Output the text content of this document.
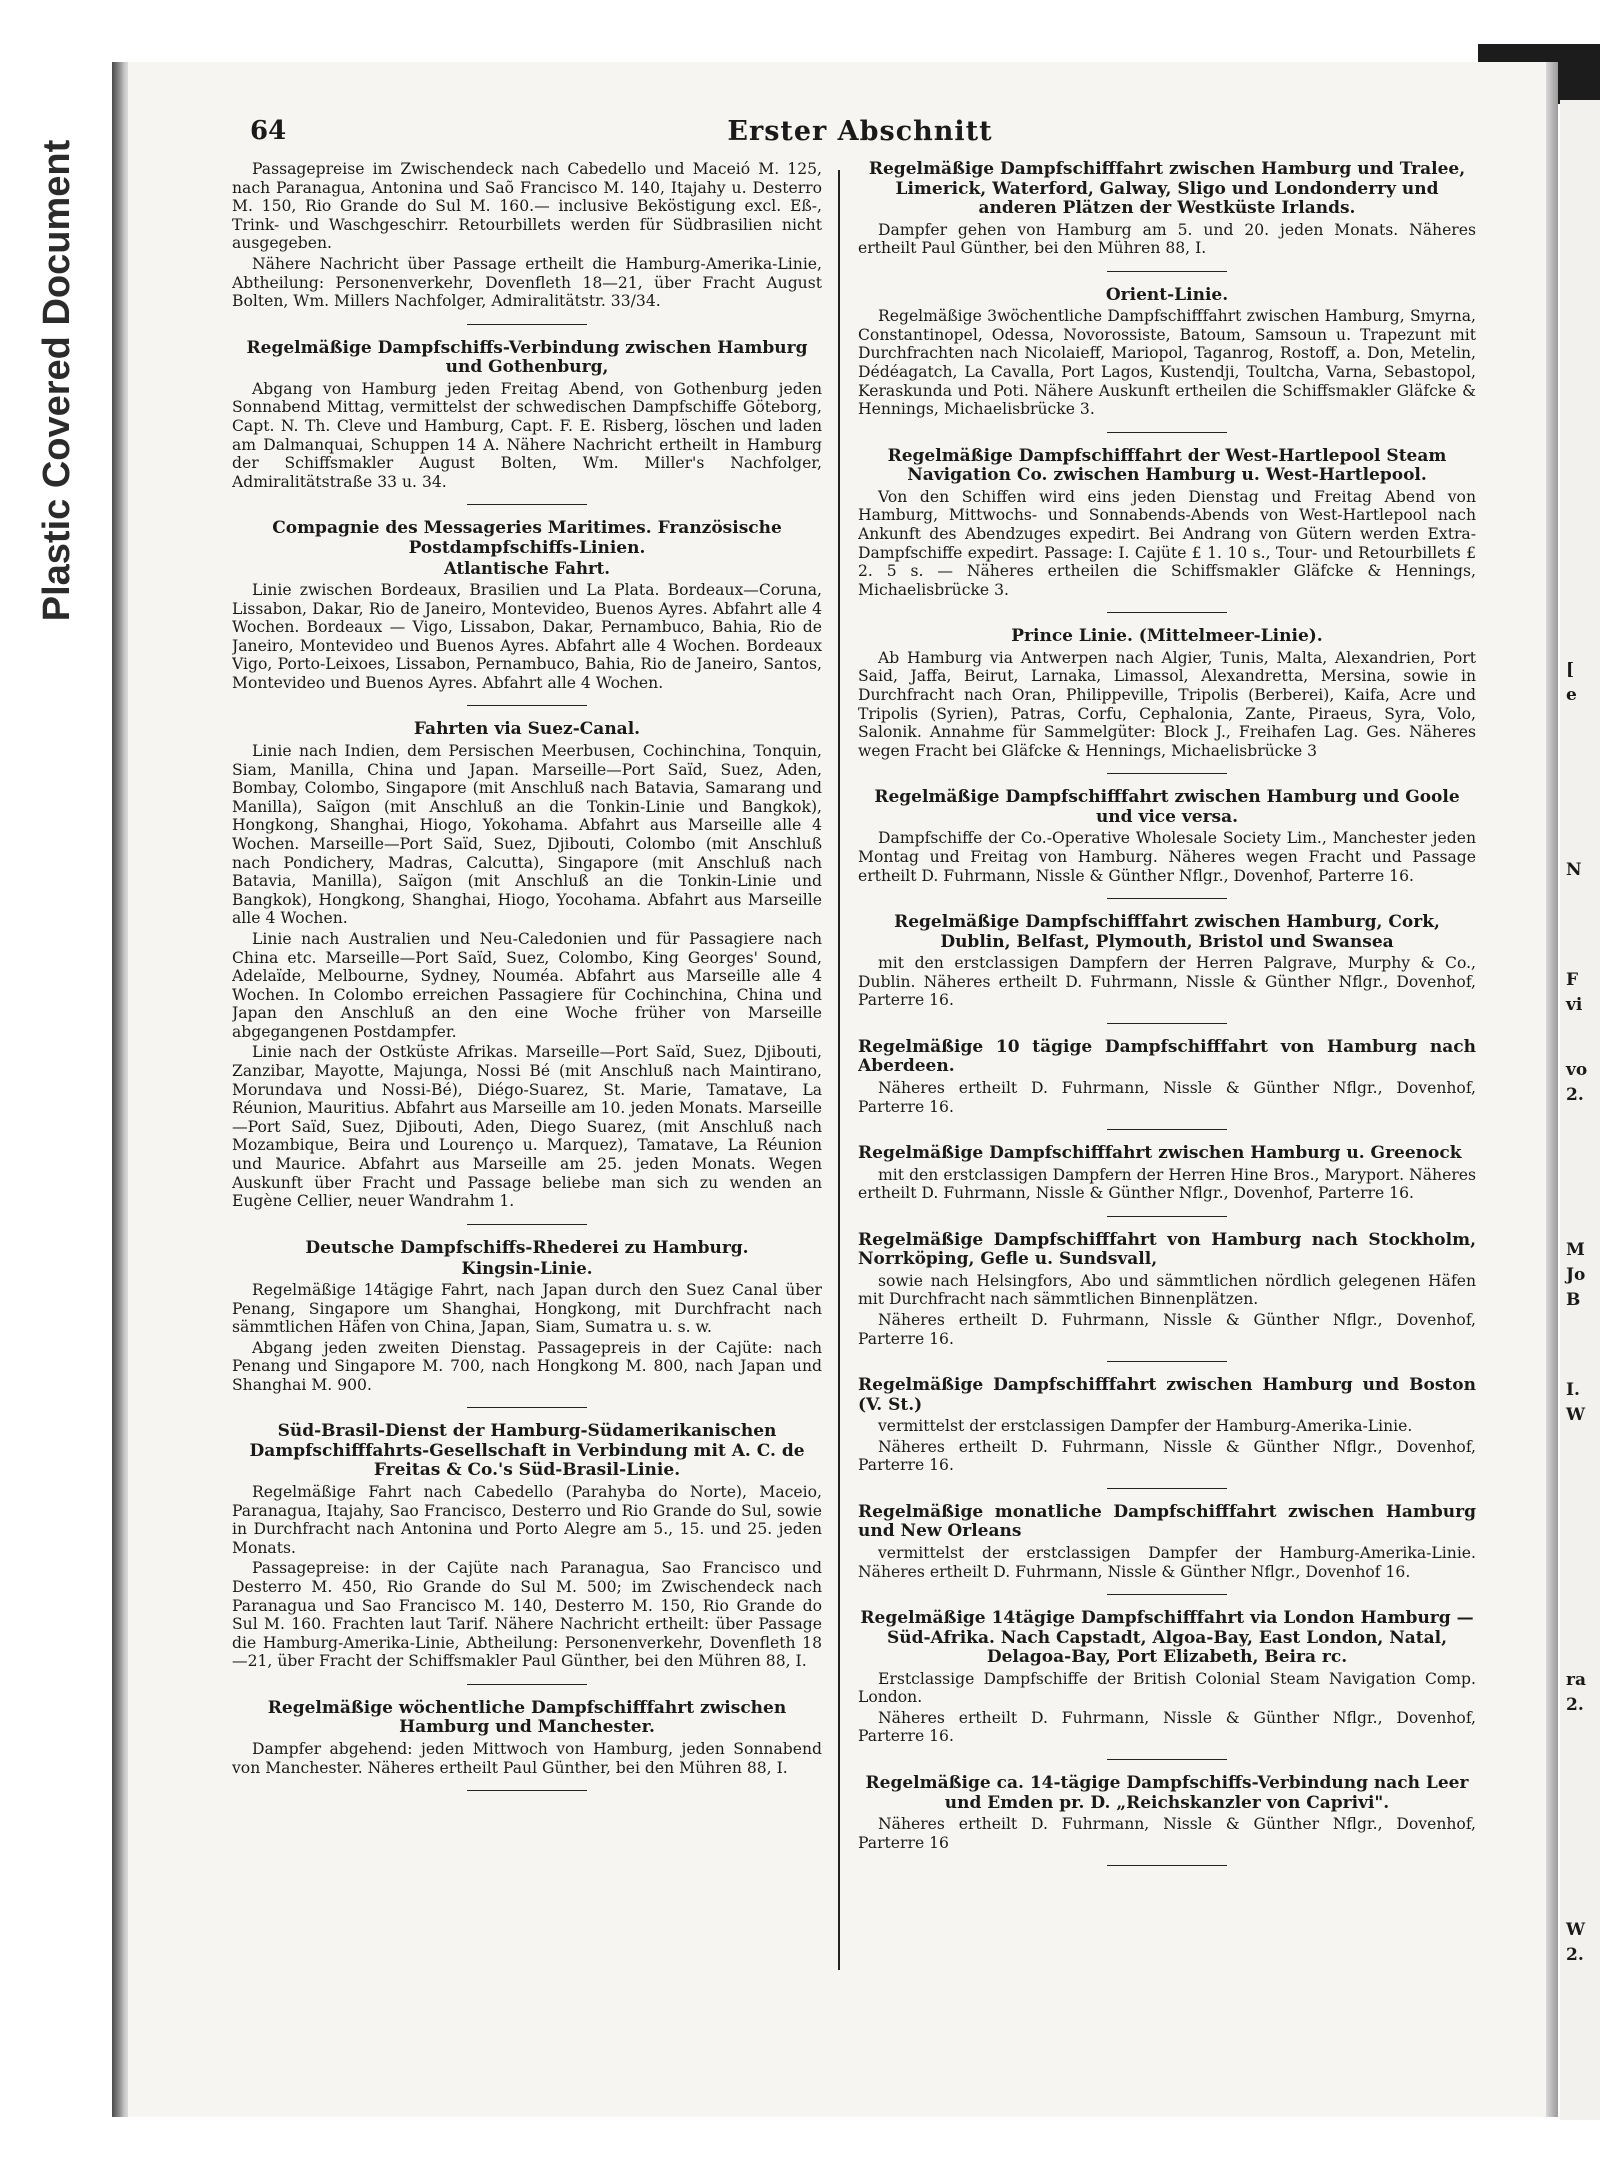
Plastic Covered Document
[
e
N
F
vi
vo
2.
M
Jo
B
I.
W
ra
2.
W
2.
64	Erster Abschnitt
Passagepreise im Zwischendeck nach Cabedello und Maceió M. 125, nach Paranagua, Antonina und Saõ Francisco M. 140, Itajahy u. Desterro M. 150, Rio Grande do Sul M. 160.— inclusive Beköstigung excl. Eß-, Trink- und Waschgeschirr. Retourbillets werden für Südbrasilien nicht ausgegeben.
Nähere Nachricht über Passage ertheilt die Hamburg-Amerika-Linie, Abtheilung: Personenverkehr, Dovenfleth 18—21, über Fracht August Bolten, Wm. Millers Nachfolger, Admiralitätstr. 33/34.
Regelmäßige Dampfschiffs-Verbindung zwischen Hamburg und Gothenburg,
Abgang von Hamburg jeden Freitag Abend, von Gothenburg jeden Sonnabend Mittag, vermittelst der schwedischen Dampfschiffe Göteborg, Capt. N. Th. Cleve und Hamburg, Capt. F. E. Risberg, löschen und laden am Dalmanquai, Schuppen 14 A. Nähere Nachricht ertheilt in Hamburg der Schiffsmakler August Bolten, Wm. Miller's Nachfolger, Admiralitätstraße 33 u. 34.
Compagnie des Messageries Maritimes. Französische Postdampfschiffs-Linien.
Atlantische Fahrt.
Linie zwischen Bordeaux, Brasilien und La Plata. Bordeaux—Coruna, Lissabon, Dakar, Rio de Janeiro, Montevideo, Buenos Ayres. Abfahrt alle 4 Wochen. Bordeaux — Vigo, Lissabon, Dakar, Pernambuco, Bahia, Rio de Janeiro, Montevideo und Buenos Ayres. Abfahrt alle 4 Wochen. Bordeaux Vigo, Porto-Leixoes, Lissabon, Pernambuco, Bahia, Rio de Janeiro, Santos, Montevideo und Buenos Ayres. Abfahrt alle 4 Wochen.
Fahrten via Suez-Canal.
Linie nach Indien, dem Persischen Meerbusen, Cochinchina, Tonquin, Siam, Manilla, China und Japan. Marseille—Port Saïd, Suez, Aden, Bombay, Colombo, Singapore (mit Anschluß nach Batavia, Samarang und Manilla), Saïgon (mit Anschluß an die Tonkin-Linie und Bangkok), Hongkong, Shanghai, Hiogo, Yokohama. Abfahrt aus Marseille alle 4 Wochen. Marseille—Port Saïd, Suez, Djibouti, Colombo (mit Anschluß nach Pondichery, Madras, Calcutta), Singapore (mit Anschluß nach Batavia, Manilla), Saïgon (mit Anschluß an die Tonkin-Linie und Bangkok), Hongkong, Shanghai, Hiogo, Yocohama. Abfahrt aus Marseille alle 4 Wochen.
Linie nach Australien und Neu-Caledonien und für Passagiere nach China etc. Marseille—Port Saïd, Suez, Colombo, King Georges' Sound, Adelaïde, Melbourne, Sydney, Nouméa. Abfahrt aus Marseille alle 4 Wochen. In Colombo erreichen Passagiere für Cochinchina, China und Japan den Anschluß an den eine Woche früher von Marseille abgegangenen Postdampfer.
Linie nach der Ostküste Afrikas. Marseille—Port Saïd, Suez, Djibouti, Zanzibar, Mayotte, Majunga, Nossi Bé (mit Anschluß nach Maintirano, Morundava und Nossi-Bé), Diégo-Suarez, St. Marie, Tamatave, La Réunion, Mauritius. Abfahrt aus Marseille am 10. jeden Monats. Marseille—Port Saïd, Suez, Djibouti, Aden, Diego Suarez, (mit Anschluß nach Mozambique, Beira und Lourenço u. Marquez), Tamatave, La Réunion und Maurice. Abfahrt aus Marseille am 25. jeden Monats. Wegen Auskunft über Fracht und Passage beliebe man sich zu wenden an Eugène Cellier, neuer Wandrahm 1.
Deutsche Dampfschiffs-Rhederei zu Hamburg.
Kingsin-Linie.
Regelmäßige 14tägige Fahrt, nach Japan durch den Suez Canal über Penang, Singapore um Shanghai, Hongkong, mit Durchfracht nach sämmtlichen Häfen von China, Japan, Siam, Sumatra u. s. w.
Abgang jeden zweiten Dienstag. Passagepreis in der Cajüte: nach Penang und Singapore M. 700, nach Hongkong M. 800, nach Japan und Shanghai M. 900.
Süd-Brasil-Dienst der Hamburg-Südamerikanischen Dampfschifffahrts-Gesellschaft in Verbindung mit A. C. de Freitas & Co.'s Süd-Brasil-Linie.
Regelmäßige Fahrt nach Cabedello (Parahyba do Norte), Maceio, Paranagua, Itajahy, Sao Francisco, Desterro und Rio Grande do Sul, sowie in Durchfracht nach Antonina und Porto Alegre am 5., 15. und 25. jeden Monats.
Passagepreise: in der Cajüte nach Paranagua, Sao Francisco und Desterro M. 450, Rio Grande do Sul M. 500; im Zwischendeck nach Paranagua und Sao Francisco M. 140, Desterro M. 150, Rio Grande do Sul M. 160. Frachten laut Tarif. Nähere Nachricht ertheilt: über Passage die Hamburg-Amerika-Linie, Abtheilung: Personenverkehr, Dovenfleth 18—21, über Fracht der Schiffsmakler Paul Günther, bei den Mühren 88, I.
Regelmäßige wöchentliche Dampfschifffahrt zwischen Hamburg und Manchester.
Dampfer abgehend: jeden Mittwoch von Hamburg, jeden Sonnabend von Manchester. Näheres ertheilt Paul Günther, bei den Mühren 88, I.
Regelmäßige Dampfschifffahrt zwischen Hamburg und Tralee, Limerick, Waterford, Galway, Sligo und Londonderry und anderen Plätzen der Westküste Irlands.
Dampfer gehen von Hamburg am 5. und 20. jeden Monats. Näheres ertheilt Paul Günther, bei den Mühren 88, I.
Orient-Linie.
Regelmäßige 3wöchentliche Dampfschifffahrt zwischen Hamburg, Smyrna, Constantinopel, Odessa, Novorossiste, Batoum, Samsoun u. Trapezunt mit Durchfrachten nach Nicolaieff, Mariopol, Taganrog, Rostoff, a. Don, Metelin, Dédéagatch, La Cavalla, Port Lagos, Kustendji, Toultcha, Varna, Sebastopol, Keraskunda und Poti. Nähere Auskunft ertheilen die Schiffsmakler Gläfcke & Hennings, Michaelisbrücke 3.
Regelmäßige Dampfschifffahrt der West-Hartlepool Steam Navigation Co. zwischen Hamburg u. West-Hartlepool.
Von den Schiffen wird eins jeden Dienstag und Freitag Abend von Hamburg, Mittwochs- und Sonnabends-Abends von West-Hartlepool nach Ankunft des Abendzuges expedirt. Bei Andrang von Gütern werden Extra-Dampfschiffe expedirt. Passage: I. Cajüte £ 1. 10 s., Tour- und Retourbillets £ 2. 5 s. — Näheres ertheilen die Schiffsmakler Gläfcke & Hennings, Michaelisbrücke 3.
Prince Linie. (Mittelmeer-Linie).
Ab Hamburg via Antwerpen nach Algier, Tunis, Malta, Alexandrien, Port Said, Jaffa, Beirut, Larnaka, Limassol, Alexandretta, Mersina, sowie in Durchfracht nach Oran, Philippeville, Tripolis (Berberei), Kaifa, Acre und Tripolis (Syrien), Patras, Corfu, Cephalonia, Zante, Piraeus, Syra, Volo, Salonik. Annahme für Sammelgüter: Block J., Freihafen Lag. Ges. Näheres wegen Fracht bei Gläfcke & Hennings, Michaelisbrücke 3
Regelmäßige Dampfschifffahrt zwischen Hamburg und Goole und vice versa.
Dampfschiffe der Co.-Operative Wholesale Society Lim., Manchester jeden Montag und Freitag von Hamburg. Näheres wegen Fracht und Passage ertheilt D. Fuhrmann, Nissle & Günther Nflgr., Dovenhof, Parterre 16.
Regelmäßige Dampfschifffahrt zwischen Hamburg, Cork, Dublin, Belfast, Plymouth, Bristol und Swansea
mit den erstclassigen Dampfern der Herren Palgrave, Murphy & Co., Dublin. Näheres ertheilt D. Fuhrmann, Nissle & Günther Nflgr., Dovenhof, Parterre 16.
Regelmäßige 10 tägige Dampfschifffahrt von Hamburg nach Aberdeen.
Näheres ertheilt D. Fuhrmann, Nissle & Günther Nflgr., Dovenhof, Parterre 16.
Regelmäßige Dampfschifffahrt zwischen Hamburg u. Greenock
mit den erstclassigen Dampfern der Herren Hine Bros., Maryport. Näheres ertheilt D. Fuhrmann, Nissle & Günther Nflgr., Dovenhof, Parterre 16.
Regelmäßige Dampfschifffahrt von Hamburg nach Stockholm, Norrköping, Gefle u. Sundsvall,
sowie nach Helsingfors, Abo und sämmtlichen nördlich gelegenen Häfen mit Durchfracht nach sämmtlichen Binnenplätzen.
Näheres ertheilt D. Fuhrmann, Nissle & Günther Nflgr., Dovenhof, Parterre 16.
Regelmäßige Dampfschifffahrt zwischen Hamburg und Boston (V. St.)
vermittelst der erstclassigen Dampfer der Hamburg-Amerika-Linie.
Näheres ertheilt D. Fuhrmann, Nissle & Günther Nflgr., Dovenhof, Parterre 16.
Regelmäßige monatliche Dampfschifffahrt zwischen Hamburg und New Orleans
vermittelst der erstclassigen Dampfer der Hamburg-Amerika-Linie. Näheres ertheilt D. Fuhrmann, Nissle & Günther Nflgr., Dovenhof 16.
Regelmäßige 14tägige Dampfschifffahrt via London Hamburg — Süd-Afrika. Nach Capstadt, Algoa-Bay, East London, Natal, Delagoa-Bay, Port Elizabeth, Beira rc.
Erstclassige Dampfschiffe der British Colonial Steam Navigation Comp. London.
Näheres ertheilt D. Fuhrmann, Nissle & Günther Nflgr., Dovenhof, Parterre 16.
Regelmäßige ca. 14-tägige Dampfschiffs-Verbindung nach Leer und Emden pr. D. „Reichskanzler von Caprivi".
Näheres ertheilt D. Fuhrmann, Nissle & Günther Nflgr., Dovenhof, Parterre 16
